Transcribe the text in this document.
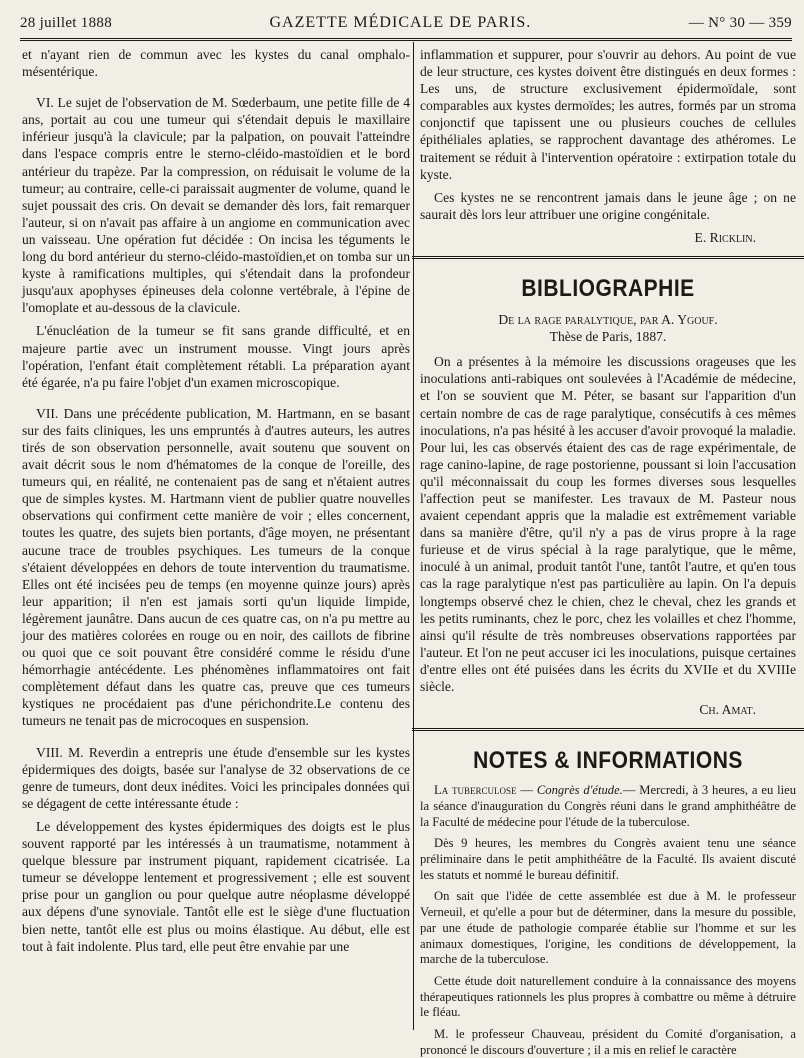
28 juillet 1888	GAZETTE MÉDICALE DE PARIS.	— N° 30 — 359

et n'ayant rien de commun avec les kystes du canal omphalo-mésentérique.

VI. Le sujet de l'observation de M. Sœderbaum, une petite fille de 4 ans, portait au cou une tumeur qui s'étendait depuis le maxillaire inférieur jusqu'à la clavicule; par la palpation, on pouvait l'atteindre dans l'espace compris entre le sterno-cléido-mastoïdien et le bord antérieur du trapèze. Par la compression, on réduisait le volume de la tumeur; au contraire, celle-ci paraissait augmenter de volume, quand le sujet poussait des cris. On devait se demander dès lors, fait remarquer l'auteur, si on n'avait pas affaire à un angiome en communication avec un vaisseau. Une opération fut décidée : On incisa les téguments le long du bord antérieur du sterno-cléido-mastoïdien,et on tomba sur un kyste à ramifications multiples, qui s'étendait dans la profondeur jusqu'aux apophyses épineuses dela colonne vertébrale, à l'épine de l'omoplate et au-dessous de la clavicule.

L'énucléation de la tumeur se fit sans grande difficulté, et en majeure partie avec un instrument mousse. Vingt jours après l'opération, l'enfant était complètement rétabli. La préparation ayant été égarée, n'a pu faire l'objet d'un examen microscopique.

VII. Dans une précédente publication, M. Hartmann, en se basant sur des faits cliniques, les uns empruntés à d'autres auteurs, les autres tirés de son observation personnelle, avait soutenu que souvent on avait décrit sous le nom d'hématomes de la conque de l'oreille, des tumeurs qui, en réalité, ne contenaient pas de sang et n'étaient autres que de simples kystes. M. Hartmann vient de publier quatre nouvelles observations qui confirment cette manière de voir ; elles concernent, toutes les quatre, des sujets bien portants, d'âge moyen, ne présentant aucune trace de troubles psychiques. Les tumeurs de la conque s'étaient développées en dehors de toute intervention du traumatisme. Elles ont été incisées peu de temps (en moyenne quinze jours) après leur apparition; il n'en est jamais sorti qu'un liquide limpide, légèrement jaunâtre. Dans aucun de ces quatre cas, on n'a pu mettre au jour des matières colorées en rouge ou en noir, des caillots de fibrine ou quoi que ce soit pouvant être considéré comme le résidu d'une hémorrhagie antécédente. Les phénomènes inflammatoires ont fait complètement défaut dans les quatre cas, preuve que ces tumeurs kystiques ne procédaient pas d'une périchondrite.Le contenu des tumeurs ne tenait pas de microcoques en suspension.

VIII. M. Reverdin a entrepris une étude d'ensemble sur les kystes épidermiques des doigts, basée sur l'analyse de 32 observations de ce genre de tumeurs, dont deux inédites. Voici les principales données qui se dégagent de cette intéressante étude :

Le développement des kystes épidermiques des doigts est le plus souvent rapporté par les intéressés à un traumatisme, notamment à quelque blessure par instrument piquant, rapidement cicatrisée. La tumeur se développe lentement et progressivement ; elle est souvent prise pour un ganglion ou pour quelque autre néoplasme développé aux dépens d'une synoviale. Tantôt elle est le siège d'une fluctuation bien nette, tantôt elle est plus ou moins élastique. Au début, elle est tout à fait indolente. Plus tard, elle peut être envahie par une

inflammation et suppurer, pour s'ouvrir au dehors. Au point de vue de leur structure, ces kystes doivent être distingués en deux formes : Les uns, de structure exclusivement épidermoïdale, sont comparables aux kystes dermoïdes; les autres, formés par un stroma conjonctif que tapissent une ou plusieurs couches de cellules épithéliales aplaties, se rapprochent davantage des athéromes. Le traitement se réduit à l'intervention opératoire : extirpation totale du kyste.

Ces kystes ne se rencontrent jamais dans le jeune âge ; on ne saurait dès lors leur attribuer une origine congénitale.

E. Ricklin.

BIBLIOGRAPHIE

De la rage paralytique, par A. Ygouf.

Thèse de Paris, 1887.

On a présentes à la mémoire les discussions orageuses que les inoculations anti-rabiques ont soulevées à l'Académie de médecine, et l'on se souvient que M. Péter, se basant sur l'apparition d'un certain nombre de cas de rage paralytique, consécutifs à ces mêmes inoculations, n'a pas hésité à les accuser d'avoir provoqué la maladie. Pour lui, les cas observés étaient des cas de rage expérimentale, de rage canino-lapine, de rage postorienne, poussant si loin l'accusation qu'il méconnaissait du coup les formes diverses sous lesquelles l'affection peut se manifester. Les travaux de M. Pasteur nous avaient cependant appris que la maladie est extrêmement variable dans sa manière d'être, qu'il n'y a pas de virus propre à la rage furieuse et de virus spécial à la rage paralytique, que le même, inoculé à un animal, produit tantôt l'une, tantôt l'autre, et qu'en tous cas la rage paralytique n'est pas particulière au lapin. On l'a depuis longtemps observé chez le chien, chez le cheval, chez les grands et les petits ruminants, chez le porc, chez les volailles et chez l'homme, ainsi qu'il résulte de très nombreuses observations rapportées par l'auteur. Et l'on ne peut accuser ici les inoculations, puisque certaines d'entre elles ont été puisées dans les écrits du XVIIe et du XVIIIe siècle.

Ch. Amat.

NOTES & INFORMATIONS

La tuberculose — Congrès d'étude.— Mercredi, à 3 heures, a eu lieu la séance d'inauguration du Congrès réuni dans le grand amphithéâtre de la Faculté de médecine pour l'étude de la tuberculose.

Dès 9 heures, les membres du Congrès avaient tenu une séance préliminaire dans le petit amphithéâtre de la Faculté. Ils avaient discuté les statuts et nommé le bureau définitif.

On sait que l'idée de cette assemblée est due à M. le professeur Verneuil, et qu'elle a pour but de déterminer, dans la mesure du possible, par une étude de pathologie comparée établie sur l'homme et sur les animaux domestiques, l'origine, les conditions de développement, la marche de la tuberculose.

Cette étude doit naturellement conduire à la connaissance des moyens thérapeutiques rationnels les plus propres à combattre ou même à détruire le fléau.

M. le professeur Chauveau, président du Comité d'organisation, a prononcé le discours d'ouverture ; il a mis en relief le caractère
